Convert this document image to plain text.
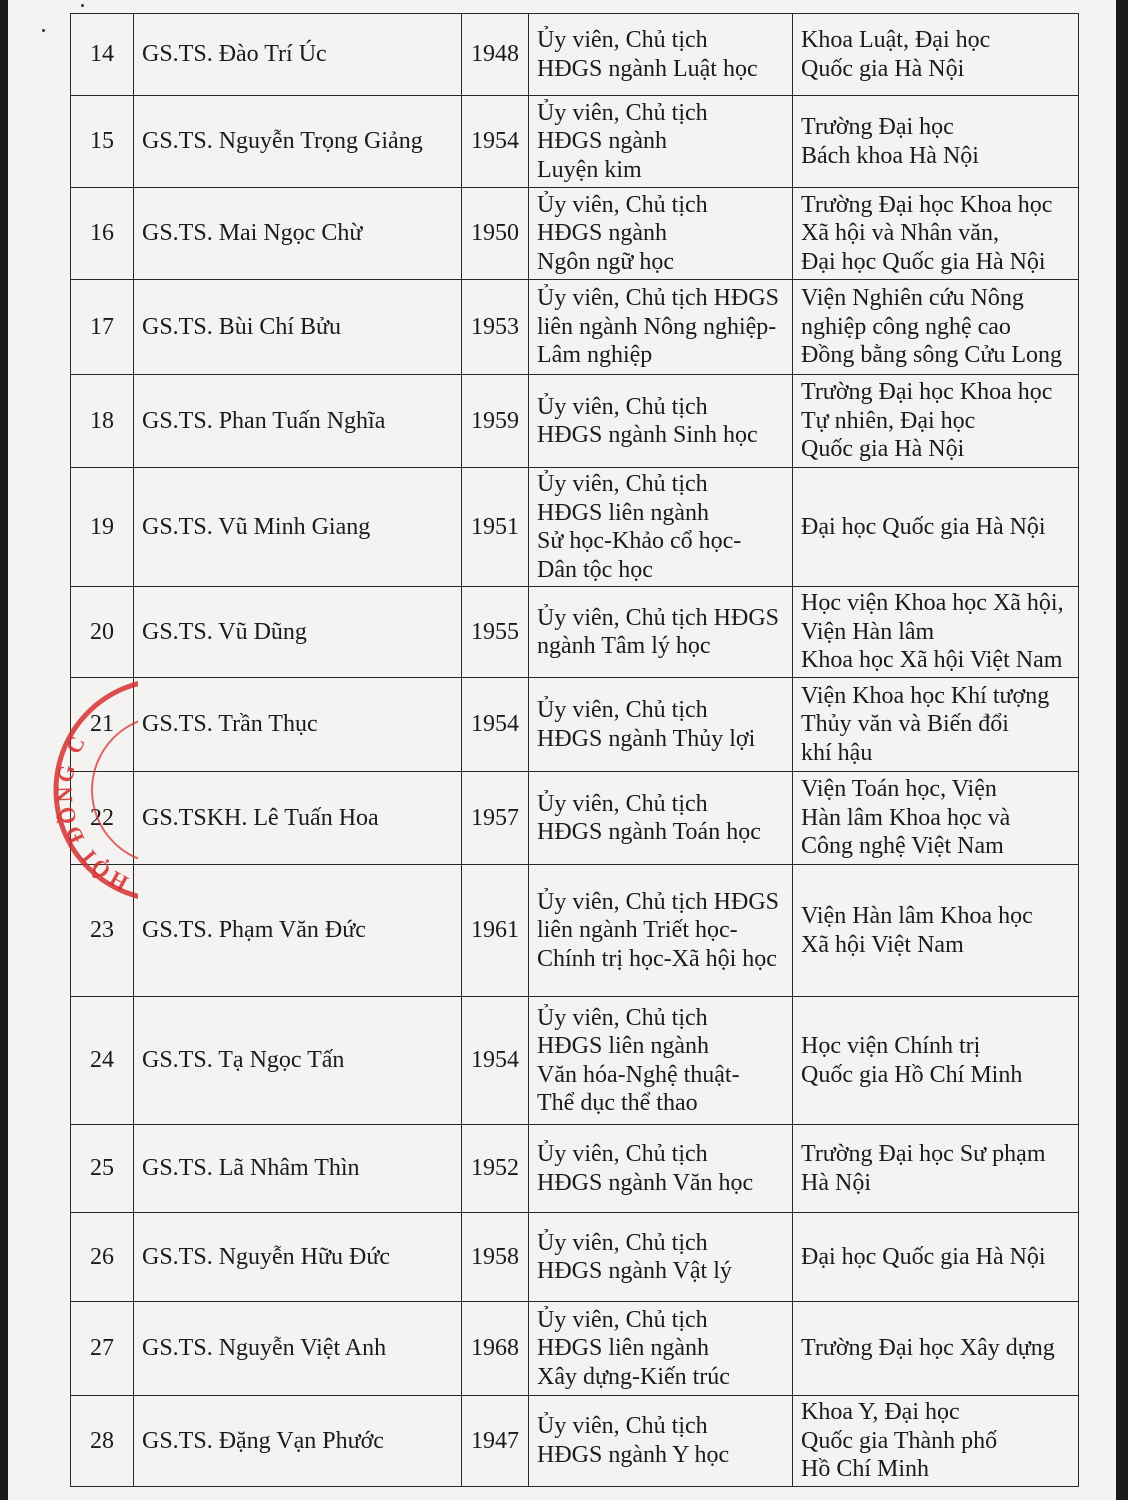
14	GS.TS. Đào Trí Úc	1948	Ủy viên, Chủ tịch
HĐGS ngành Luật học	Khoa Luật, Đại học
Quốc gia Hà Nội
15	GS.TS. Nguyễn Trọng Giảng	1954	Ủy viên, Chủ tịch
HĐGS ngành
Luyện kim	Trường Đại học
Bách khoa Hà Nội
16	GS.TS. Mai Ngọc Chừ	1950	Ủy viên, Chủ tịch
HĐGS ngành
Ngôn ngữ học	Trường Đại học Khoa học
Xã hội và Nhân văn,
Đại học Quốc gia Hà Nội
17	GS.TS. Bùi Chí Bửu	1953	Ủy viên, Chủ tịch HĐGS
liên ngành Nông nghiệp-
Lâm nghiệp	Viện Nghiên cứu Nông
nghiệp công nghệ cao
Đồng bằng sông Cửu Long
18	GS.TS. Phan Tuấn Nghĩa	1959	Ủy viên, Chủ tịch
HĐGS ngành Sinh học	Trường Đại học Khoa học
Tự nhiên, Đại học
Quốc gia Hà Nội
19	GS.TS. Vũ Minh Giang	1951	Ủy viên, Chủ tịch
HĐGS liên ngành
Sử học-Khảo cổ học-
Dân tộc học	Đại học Quốc gia Hà Nội
20	GS.TS. Vũ Dũng	1955	Ủy viên, Chủ tịch HĐGS
ngành Tâm lý học	Học viện Khoa học Xã hội,
Viện Hàn lâm
Khoa học Xã hội Việt Nam
21	GS.TS. Trần Thục	1954	Ủy viên, Chủ tịch
HĐGS ngành Thủy lợi	Viện Khoa học Khí tượng
Thủy văn và Biến đổi
khí hậu
22	GS.TSKH. Lê Tuấn Hoa	1957	Ủy viên, Chủ tịch
HĐGS ngành Toán học	Viện Toán học, Viện
Hàn lâm Khoa học và
Công nghệ Việt Nam
23	GS.TS. Phạm Văn Đức	1961	Ủy viên, Chủ tịch HĐGS
liên ngành Triết học-
Chính trị học-Xã hội học	Viện Hàn lâm Khoa học
Xã hội Việt Nam
24	GS.TS. Tạ Ngọc Tấn	1954	Ủy viên, Chủ tịch
HĐGS liên ngành
Văn hóa-Nghệ thuật-
Thể dục thể thao	Học viện Chính trị
Quốc gia Hồ Chí Minh
25	GS.TS. Lã Nhâm Thìn	1952	Ủy viên, Chủ tịch
HĐGS ngành Văn học	Trường Đại học Sư phạm
Hà Nội
26	GS.TS. Nguyễn Hữu Đức	1958	Ủy viên, Chủ tịch
HĐGS ngành Vật lý	Đại học Quốc gia Hà Nội
27	GS.TS. Nguyễn Việt Anh	1968	Ủy viên, Chủ tịch
HĐGS liên ngành
Xây dựng-Kiến trúc	Trường Đại học Xây dựng
28	GS.TS. Đặng Vạn Phước	1947	Ủy viên, Chủ tịch
HĐGS ngành Y học	Khoa Y, Đại học
Quốc gia Thành phố
Hồ Chí Minh
HỘI ĐỒNG C
